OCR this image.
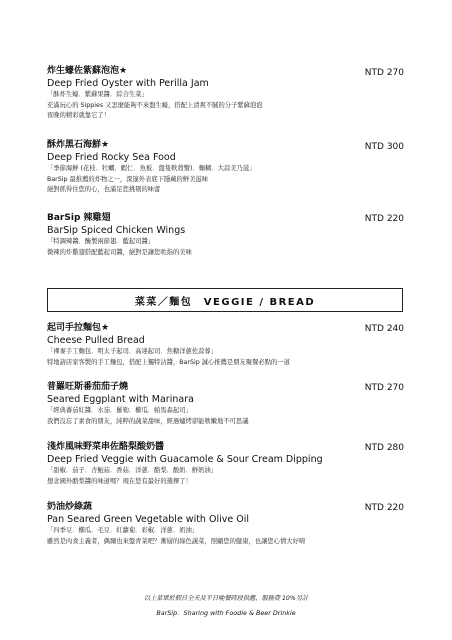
炸生蠔佐紫蘇泡泡★
Deep Fried Oyster with Perilla Jam
「酥炸生蠔．紫蘇果醬．綜合生菜」
充滿玩心的 Sippies 又怎麼能夠不來盤生蠔，搭配上清爽不膩的分子紫蘇泡泡
夜晚的精彩就靠它了！
NTD 270
酥炸黑石海鮮★
Deep Fried Rocky Sea Food
「季節海鮮 (花枝．牡蠣．蝦仁．魚板．盤隻軟殼蟹)．麵糊．大蒜美乃滋」
BarSip 最推薦的炸物之一，深邃外表底下隱藏的鮮美滋味
絕對抓得住您的心，也滿足您挑剔的味蕾
NTD 300
BarSip 辣雞翅
BarSip Spiced Chicken Wings
「特調辣醬．醃製兩節翅．藍起司醬」
微辣的炸雞翅搭配藍起司醬，絕對是讓您吮指的美味
NTD 220
菜菜／麵包　VEGGIE / BREAD
起司手拉麵包★
Cheese Pulled Bread
「裸麥手工麵包．明太子起司．高達起司．焦糖洋蔥佐蒜蓉」
特地請店家客製的手工麵包，搭配上獨特沾醬，BarSip 誠心推薦是朋友聚餐必點的一道
NTD 240
普羅旺斯番茄茄子燒
Seared Eggplant with Marinara
「經典蕃茄紅醬．水茄．羅勒．櫛瓜．帕馬森起司」
我們沒忘了素食的朋友，純粹的蔬菜甜味，經過爐烤卻能軟嫩地不可思議
NTD 270
淺炸風味野菜串佐酪梨酸奶醬
Deep Fried Veggie with Guacamole & Sour Cream Dipping
「甜椒．茄子．杏鮑菇．香菇．洋蔥．酪梨．酸奶．鮮奶油」
想念國外酪梨醬的味道嗎？現在您有最好的選擇了！
NTD 280
奶油炒綠蔬
Pan Seared Green Vegetable with Olive Oil
「四季豆．櫛瓜．毛豆．紅蘿蔔．彩椒．洋蔥．奶油」
雖然是肉食主義者，偶爾也來盤青菜吧？漸層的綠色蔬菜，照顧您的健康，也讓您心情大好唷
NTD 220
以上菜單於假日全天及平日晚餐時段供應，服務費 10%另計
BarSip．Sharing with Foodie & Beer Drinkie
